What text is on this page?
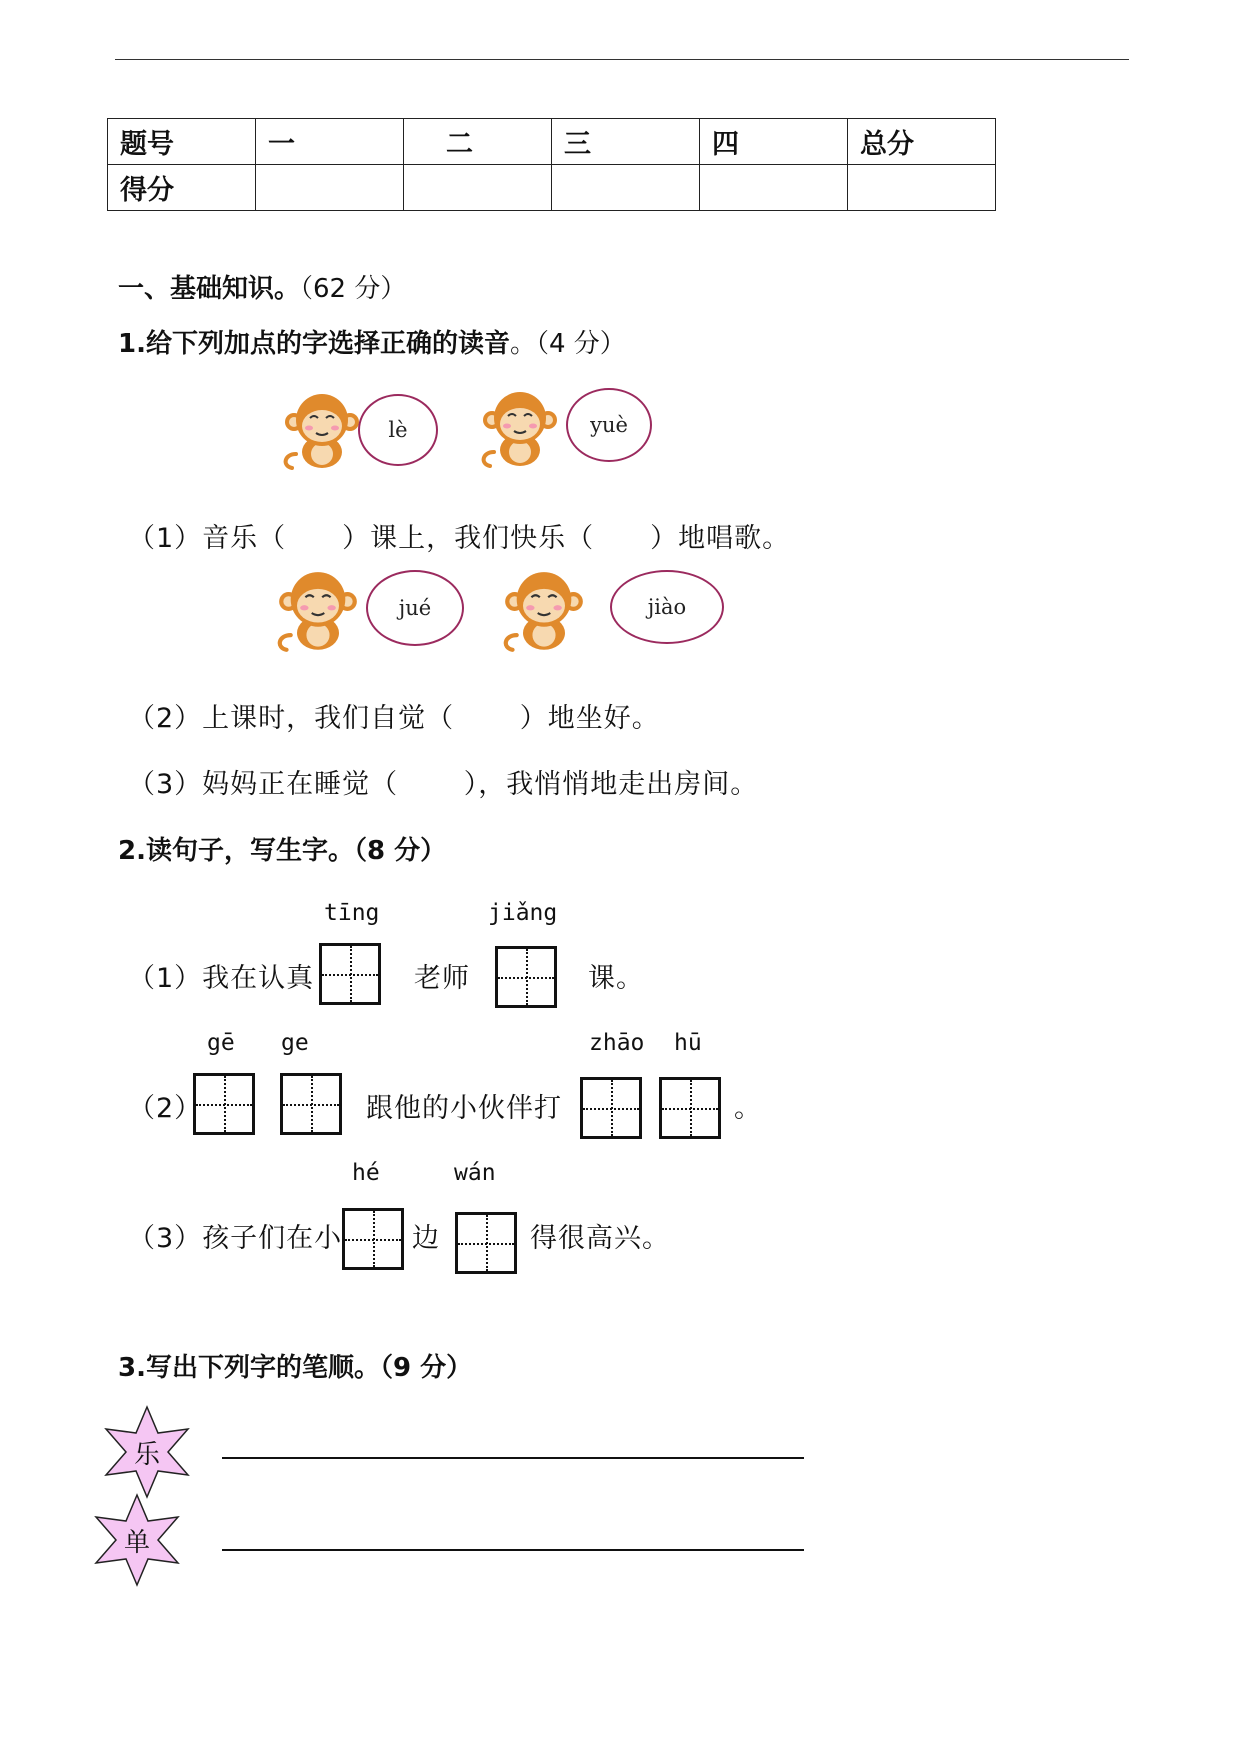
题号	一	二	三	四	总分
得分					
一、基础知识。（62 分）
1.给下列加点的字选择正确的读音。（4 分）
lè	yuè
（1）音乐（　　）课上，我们快乐（　　）地唱歌。
jué	jiào
（2）上课时，我们自觉（　　 ）地坐好。
（3）妈妈正在睡觉（　　 ），我悄悄地走出房间。
2.读句子，写生字。（8 分）
tīng	jiǎng
（1）我在认真	老师	课。
gē ge	zhāo hū
（2）	跟他的小伙伴打	。
hé	wán
（3）孩子们在小	边	得很高兴。
3.写出下列字的笔顺。（9 分）
乐
单
